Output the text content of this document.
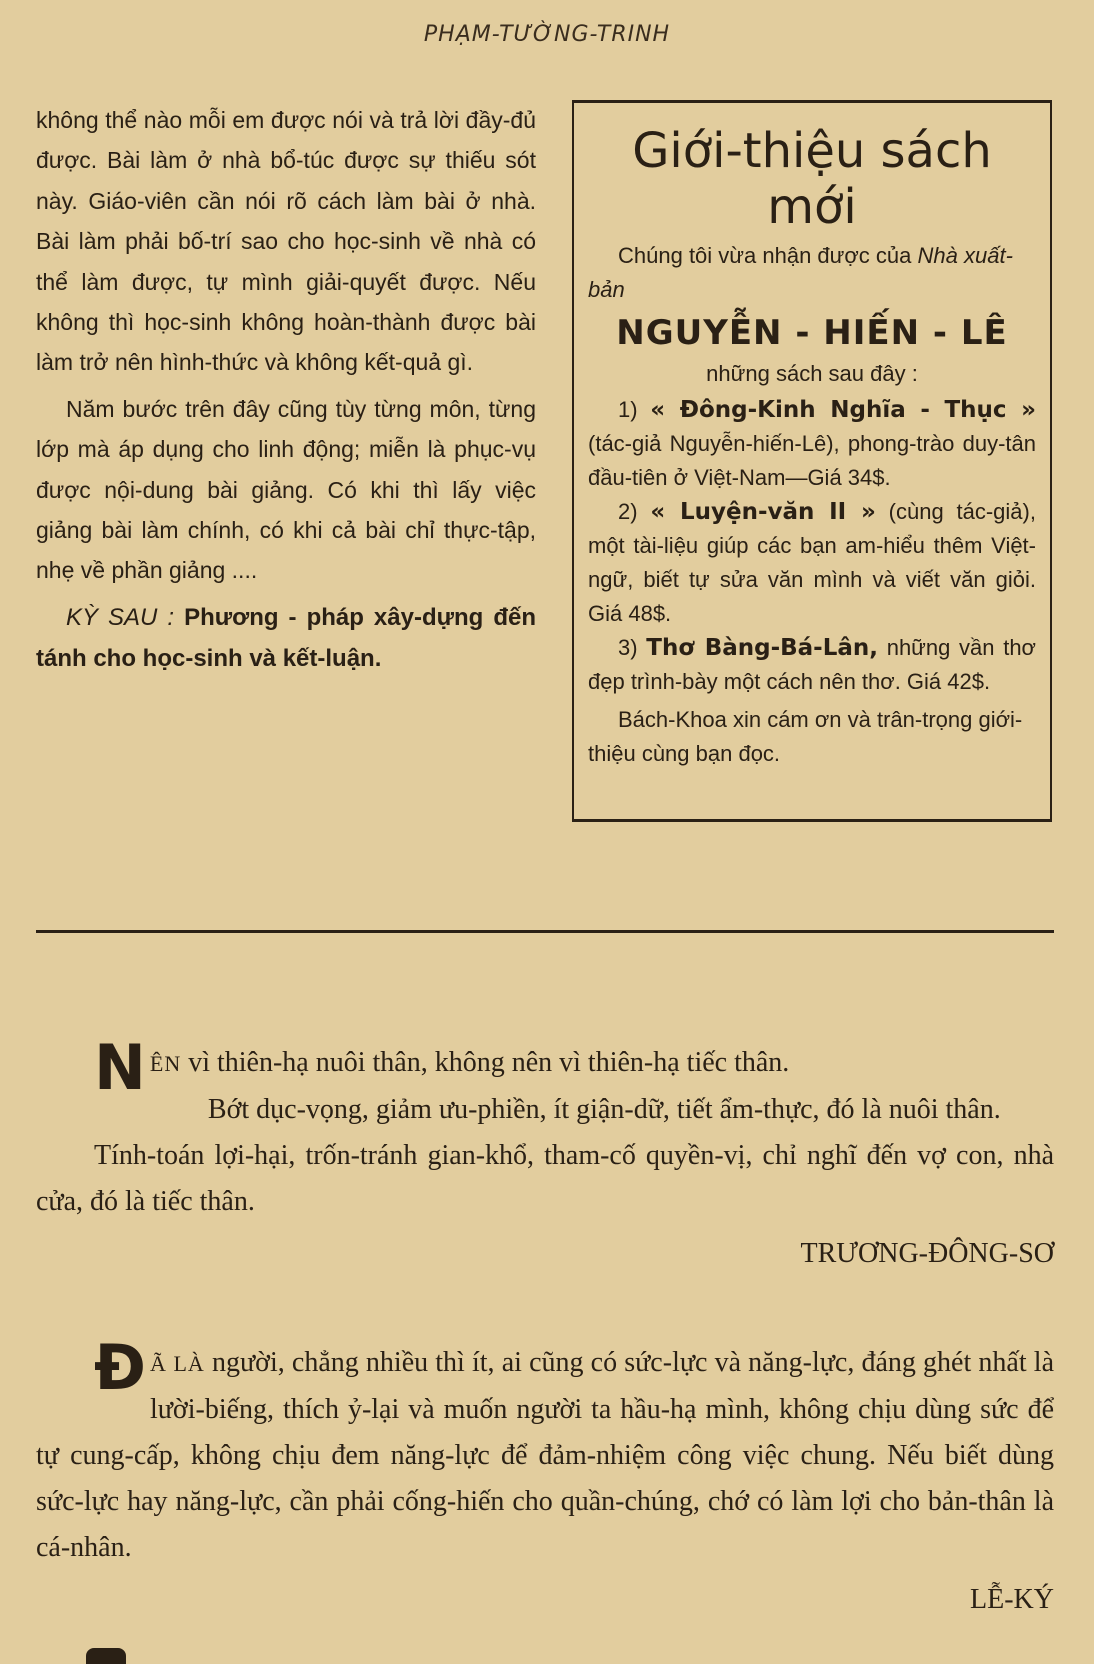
PHẠM-TƯỜNG-TRINH

không thể nào mỗi em được nói và trả lời đầy-đủ được. Bài làm ở nhà bổ-túc được sự thiếu sót này. Giáo-viên cần nói rõ cách làm bài ở nhà. Bài làm phải bố-trí sao cho học-sinh về nhà có thể làm được, tự mình giải-quyết được. Nếu không thì học-sinh không hoàn-thành được bài làm trở nên hình-thức và không kết-quả gì.

Năm bước trên đây cũng tùy từng môn, từng lớp mà áp dụng cho linh động; miễn là phục-vụ được nội-dung bài giảng. Có khi thì lấy việc giảng bài làm chính, có khi cả bài chỉ thực-tập, nhẹ về phần giảng ....

KỲ SAU : Phương - pháp xây-dựng đến tánh cho học-sinh và kết-luận.

Giới-thiệu sách mới

Chúng tôi vừa nhận được của Nhà xuất-bản

NGUYỄN - HIẾN - LÊ

những sách sau đây :

1) « Đông-Kinh Nghĩa - Thục » (tác-giả Nguyễn-hiến-Lê), phong-trào duy-tân đầu-tiên ở Việt-Nam—Giá 34$.

2) « Luyện-văn II » (cùng tác-giả), một tài-liệu giúp các bạn am-hiểu thêm Việt-ngữ, biết tự sửa văn mình và viết văn giỏi. Giá 48$.

3) Thơ Bàng-Bá-Lân, những vần thơ đẹp trình-bày một cách nên thơ. Giá 42$.

Bách-Khoa xin cám ơn và trân-trọng giới-thiệu cùng bạn đọc.

N ÊN vì thiên-hạ nuôi thân, không nên vì thiên-hạ tiếc thân.

Bớt dục-vọng, giảm ưu-phiền, ít giận-dữ, tiết ẩm-thực, đó là nuôi thân.

Tính-toán lợi-hại, trốn-tránh gian-khổ, tham-cố quyền-vị, chỉ nghĩ đến vợ con, nhà cửa, đó là tiếc thân.

TRƯƠNG-ĐÔNG-SƠ

Đ Ã LÀ người, chẳng nhiều thì ít, ai cũng có sức-lực và năng-lực, đáng ghét nhất là lười-biếng, thích ỷ-lại và muốn người ta hầu-hạ mình, không chịu dùng sức để tự cung-cấp, không chịu đem năng-lực để đảm-nhiệm công việc chung. Nếu biết dùng sức-lực hay năng-lực, cần phải cống-hiến cho quần-chúng, chớ có làm lợi cho bản-thân là cá-nhân.

LỄ-KÝ
